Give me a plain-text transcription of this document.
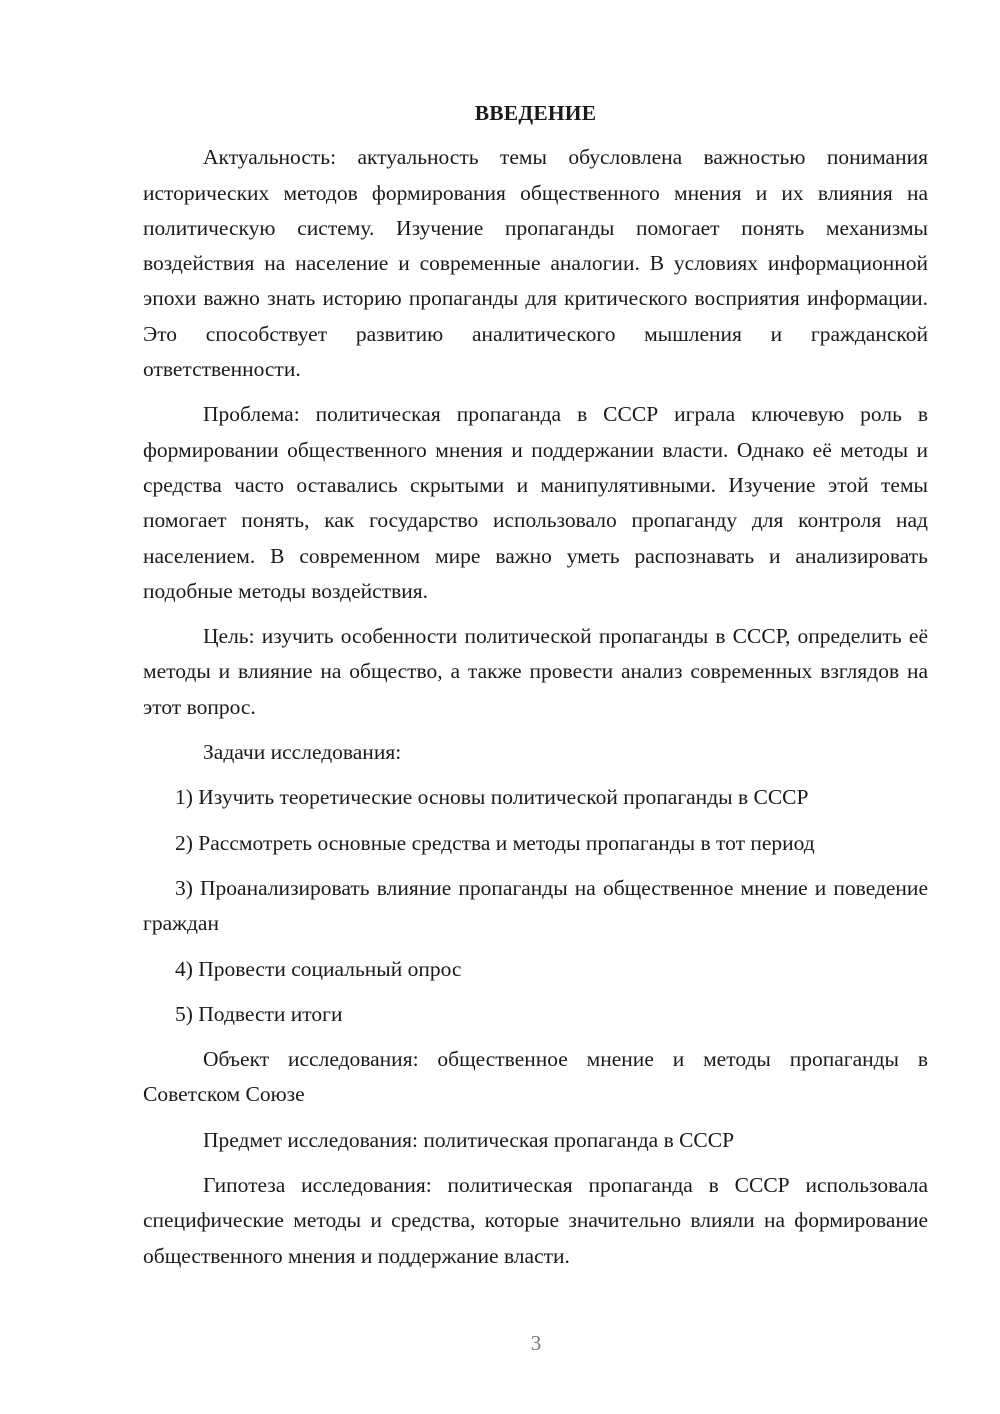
ВВЕДЕНИЕ

Актуальность: актуальность темы обусловлена важностью понимания исторических методов формирования общественного мнения и их влияния на политическую систему. Изучение пропаганды помогает понять механизмы воздействия на население и современные аналогии. В условиях информационной эпохи важно знать историю пропаганды для критического восприятия информации. Это способствует развитию аналитического мышления и гражданской ответственности.

Проблема: политическая пропаганда в СССР играла ключевую роль в формировании общественного мнения и поддержании власти. Однако её методы и средства часто оставались скрытыми и манипулятивными. Изучение этой темы помогает понять, как государство использовало пропаганду для контроля над населением. В современном мире важно уметь распознавать и анализировать подобные методы воздействия.

Цель: изучить особенности политической пропаганды в СССР, определить её методы и влияние на общество, а также провести анализ современных взглядов на этот вопрос.

Задачи исследования:

1) Изучить теоретические основы политической пропаганды в СССР

2) Рассмотреть основные средства и методы пропаганды в тот период

3) Проанализировать влияние пропаганды на общественное мнение и поведение граждан

4) Провести социальный опрос

5) Подвести итоги

Объект исследования: общественное мнение и методы пропаганды в Советском Союзе

Предмет исследования: политическая пропаганда в СССР

Гипотеза исследования: политическая пропаганда в СССР использовала специфические методы и средства, которые значительно влияли на формирование общественного мнения и поддержание власти.

3
